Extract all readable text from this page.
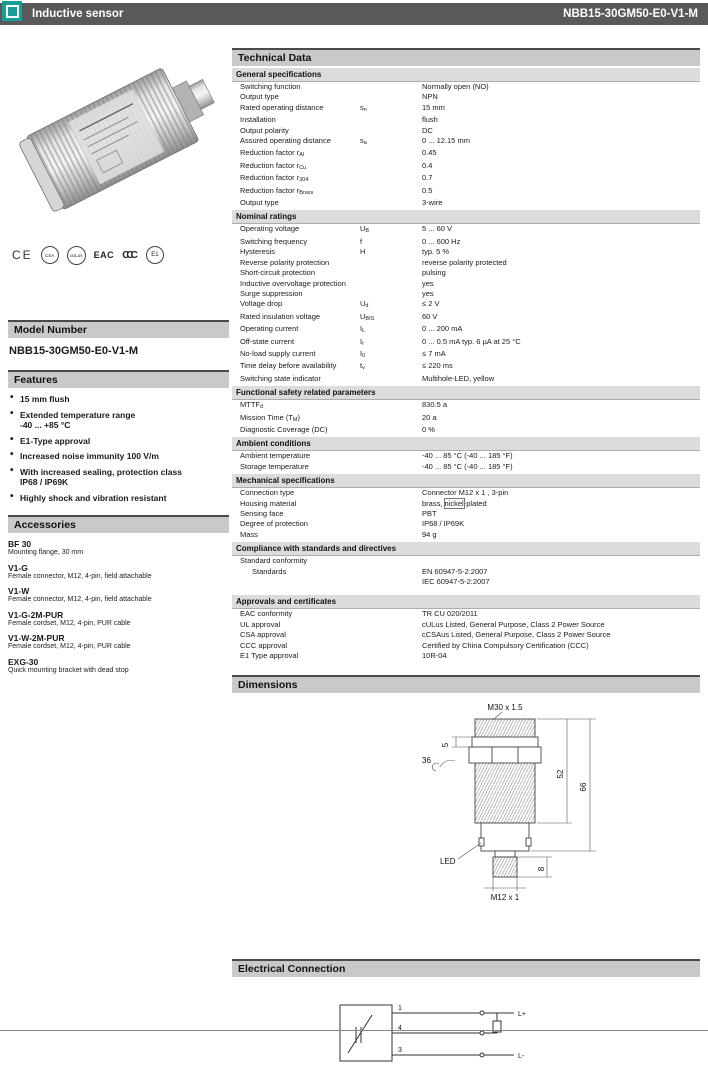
Inductive sensor	NBB15-30GM50-E0-V1-M
CE	CSA	cULus	EAC CCC	E1
Model Number
NBB15-30GM50-E0-V1-M
Features
• 15 mm flush
• Extended temperature range
-40 ... +85 °C
• E1-Type approval
• Increased noise immunity 100 V/m
• With increased sealing, protection class
IP68 / IP69K
• Highly shock and vibration resistant
Accessories
BF 30
Mounting flange, 30 mm
V1-G
Female connector, M12, 4-pin, field attachable
V1-W
Female connector, M12, 4-pin, field attachable
V1-G-2M-PUR
Female cordset, M12, 4-pin, PUR cable
V1-W-2M-PUR
Female cordset, M12, 4-pin, PUR cable
EXG-30
Quick mounting bracket with dead stop
Technical Data
General specifications
Switching function	Normally open (NO)
Output type	NPN
Rated operating distance	$s_n$	15 mm
Installation	flush
Output polarity	DC
Assured operating distance	$s_a$	0 ... 12.15 mm
Reduction factor $r_{Al}$	0.45
Reduction factor $r_{Cu}$	0.4
Reduction factor $r_{304}$	0.7
Reduction factor $r_{Brass}$	0.5
Output type	3-wire
Nominal ratings
Operating voltage	$U_B$	5 ... 60 V
Switching frequency	f	0 ... 600 Hz
Hysteresis	H	typ. 5 %
Reverse polarity protection	reverse polarity protected
Short-circuit protection	pulsing
Inductive overvoltage protection	yes
Surge suppression	yes
Voltage drop	$U_d$	≤ 2 V
Rated insulation voltage	$U_{BIS}$	60 V
Operating current	$I_L$	0 ... 200 mA
Off-state current	$I_r$	0 ... 0.5 mA typ. 6 µA at 25 °C
No-load supply current	$I_0$	≤ 7 mA
Time delay before availability	$t_v$	≤ 220 ms
Switching state indicator	Multihole-LED, yellow
Functional safety related parameters
$MTTF_d$	830.5 a
Mission Time $(T_M)$	20 a
Diagnostic Coverage (DC)	0 %
Ambient conditions
Ambient temperature	-40 ... 85 °C (-40 ... 185 °F)
Storage temperature	-40 ... 85 °C (-40 ... 185 °F)
Mechanical specifications
Connection type	Connector M12 x 1 , 3-pin
Housing material	brass, nickel-plated
Sensing face	PBT
Degree of protection	IP68 / IP69K
Mass	94 g
Compliance with standards and directives
Standard conformity
Standards	EN 60947-5-2:2007
IEC 60947-5-2:2007
Approvals and certificates
EAC conformity	TR CU 020/2011
UL approval	cULus Listed, General Purpose, Class 2 Power Source
CSA approval	cCSAus Listed, General Purpose, Class 2 Power Source
CCC approval	Certified by China Compulsory Certification (CCC)
E1 Type approval	10R-04
Dimensions
M30 x 1.5
5
36
52
66
8
LED
M12 x 1
Electrical Connection
1
4
3
L+
L-
